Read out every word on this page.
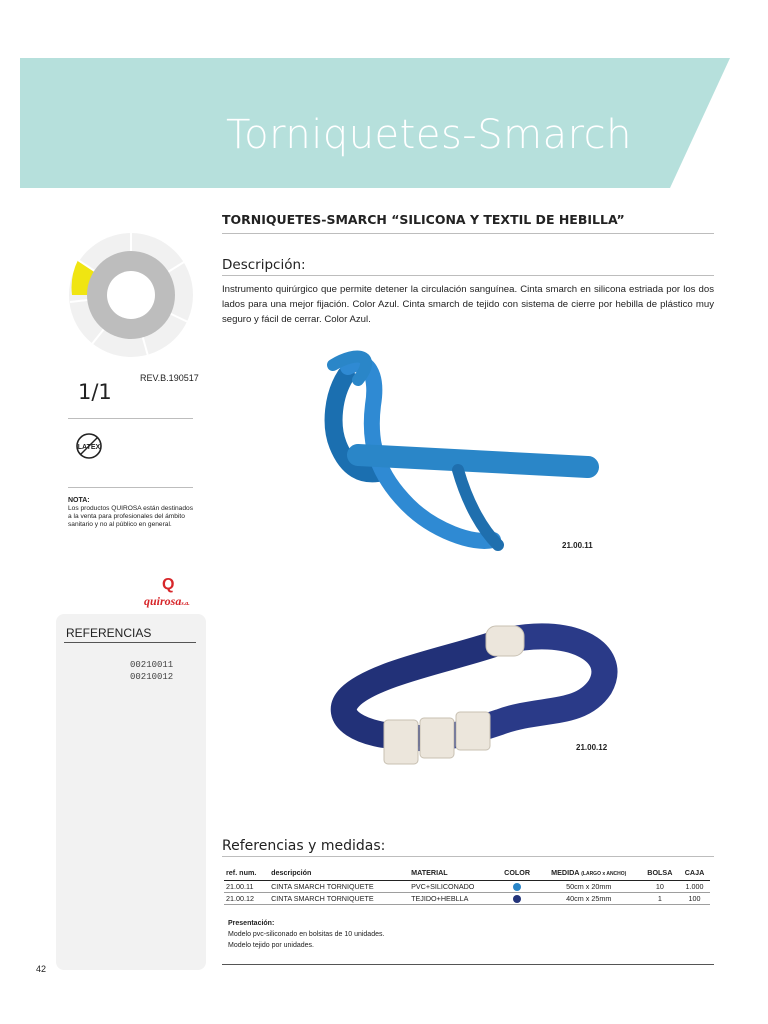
Torniquetes-Smarch
REV.B.190517
1/1
LATEX
NOTA:
Los productos QUIROSA están destinados a la venta para profesionales del ámbito sanitario y no al público en general.
Q
quirosas.a.
REFERENCIAS
00210011
00210012
TORNIQUETES-SMARCH “SILICONA Y TEXTIL DE HEBILLA”
Descripción:
Instrumento quirúrgico que permite detener la circulación sanguínea. Cinta smarch en silicona estriada por los dos lados para una mejor fijación. Color Azul. Cinta smarch de tejido con sistema de cierre por hebilla de plástico muy seguro y fácil de cerrar. Color Azul.
21.00.11
21.00.12
Referencias y medidas:
ref. num.	descripción	MATERIAL	COLOR	MEDIDA (LARGO x ANCHO)	BOLSA	CAJA
21.00.11	CINTA SMARCH TORNIQUETE	PVC+SILICONADO		50cm x 20mm	10	1.000
21.00.12	CINTA SMARCH TORNIQUETE	TEJIDO+HEBLLA		40cm x 25mm	1	100
Presentación:
Modelo pvc-siliconado en bolsitas de 10 unidades.
Modelo tejido por unidades.
42
